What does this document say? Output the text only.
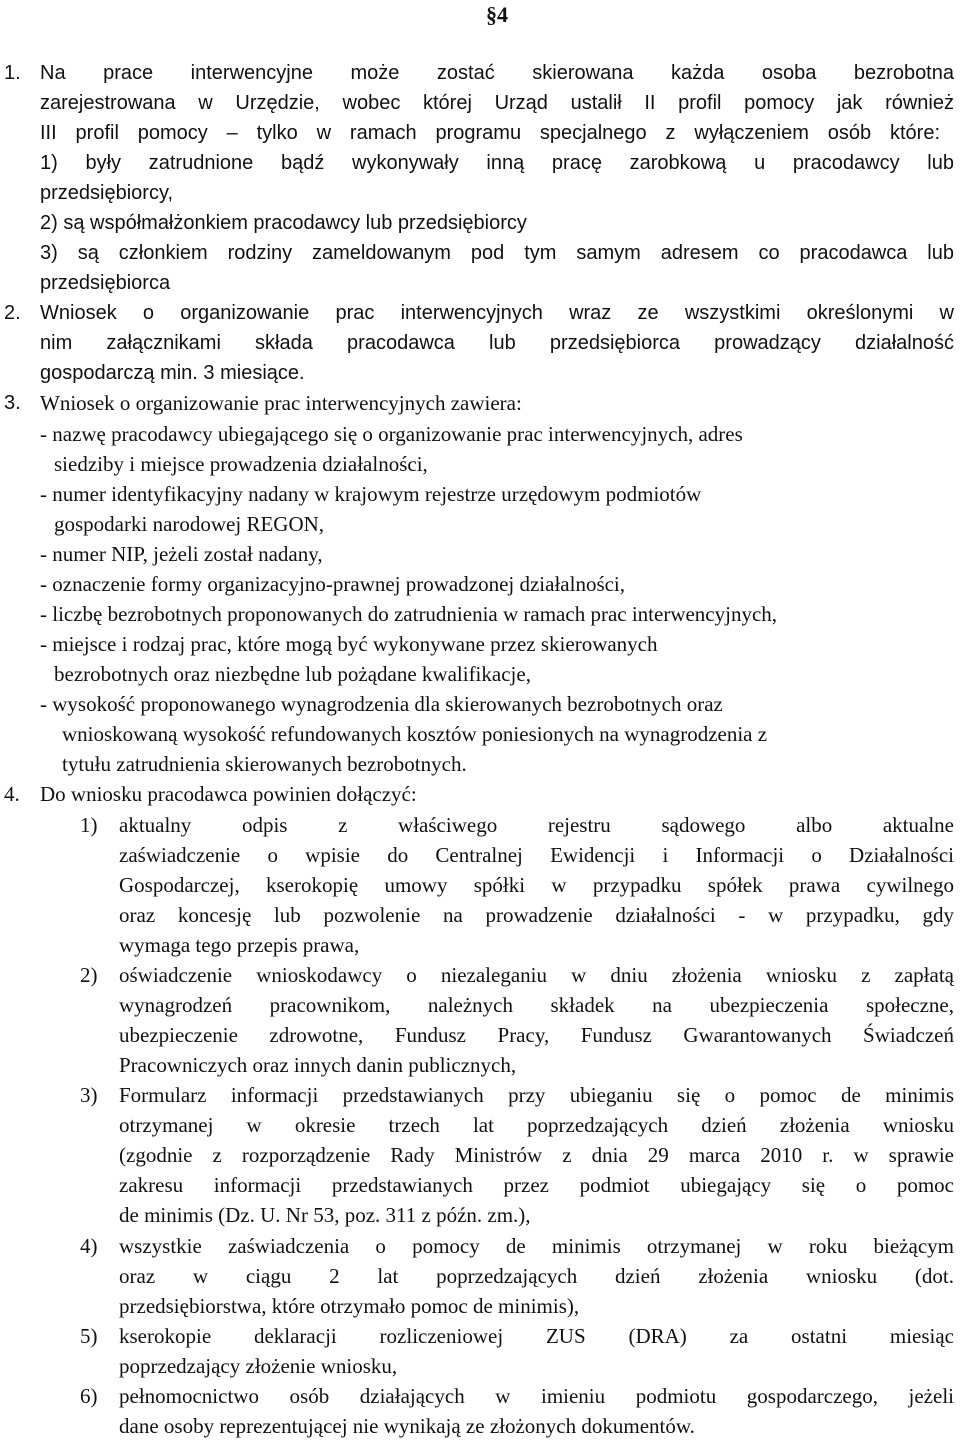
§4
1. Na prace interwencyjne może zostać skierowana każda osoba bezrobotna
zarejestrowana w Urzędzie, wobec której Urząd ustalił II profil pomocy jak również
III profil pomocy – tylko w ramach programu specjalnego z wyłączeniem osób które:
1) były zatrudnione bądź wykonywały inną pracę zarobkową u pracodawcy lub
przedsiębiorcy,
2) są współmałżonkiem pracodawcy lub przedsiębiorcy
3) są członkiem rodziny zameldowanym pod tym samym adresem co pracodawca lub
przedsiębiorca
2. Wniosek o organizowanie prac interwencyjnych wraz ze wszystkimi określonymi w
nim załącznikami składa pracodawca lub przedsiębiorca prowadzący działalność
gospodarczą min. 3 miesiące.
3. Wniosek o organizowanie prac interwencyjnych zawiera:
- nazwę pracodawcy ubiegającego się o organizowanie prac interwencyjnych, adres
siedziby i miejsce prowadzenia działalności,
- numer identyfikacyjny nadany w krajowym rejestrze urzędowym podmiotów
gospodarki narodowej REGON,
- numer NIP, jeżeli został nadany,
- oznaczenie formy organizacyjno-prawnej prowadzonej działalności,
- liczbę bezrobotnych proponowanych do zatrudnienia w ramach prac interwencyjnych,
- miejsce i rodzaj prac, które mogą być wykonywane przez skierowanych
bezrobotnych oraz niezbędne lub pożądane kwalifikacje,
- wysokość proponowanego wynagrodzenia dla skierowanych bezrobotnych oraz
wnioskowaną wysokość refundowanych kosztów poniesionych na wynagrodzenia z
tytułu zatrudnienia skierowanych bezrobotnych.
4. Do wniosku pracodawca powinien dołączyć:
1) aktualny odpis z właściwego rejestru sądowego albo aktualne
zaświadczenie o wpisie do Centralnej Ewidencji i Informacji o Działalności
Gospodarczej, kserokopię umowy spółki w przypadku spółek prawa cywilnego
oraz koncesję lub pozwolenie na prowadzenie działalności - w przypadku, gdy
wymaga tego przepis prawa,
2) oświadczenie wnioskodawcy o niezaleganiu w dniu złożenia wniosku z zapłatą
wynagrodzeń pracownikom, należnych składek na ubezpieczenia społeczne,
ubezpieczenie zdrowotne, Fundusz Pracy, Fundusz Gwarantowanych Świadczeń
Pracowniczych oraz innych danin publicznych,
3) Formularz informacji przedstawianych przy ubieganiu się o pomoc de minimis
otrzymanej w okresie trzech lat poprzedzających dzień złożenia wniosku
(zgodnie z rozporządzenie Rady Ministrów z dnia 29 marca 2010 r. w sprawie
zakresu informacji przedstawianych przez podmiot ubiegający się o pomoc
de minimis (Dz. U. Nr 53, poz. 311 z późn. zm.),
4) wszystkie zaświadczenia o pomocy de minimis otrzymanej w roku bieżącym
oraz w ciągu 2 lat poprzedzających dzień złożenia wniosku (dot.
przedsiębiorstwa, które otrzymało pomoc de minimis),
5) kserokopie deklaracji rozliczeniowej ZUS (DRA) za ostatni miesiąc
poprzedzający złożenie wniosku,
6) pełnomocnictwo osób działających w imieniu podmiotu gospodarczego, jeżeli
dane osoby reprezentującej nie wynikają ze złożonych dokumentów.
